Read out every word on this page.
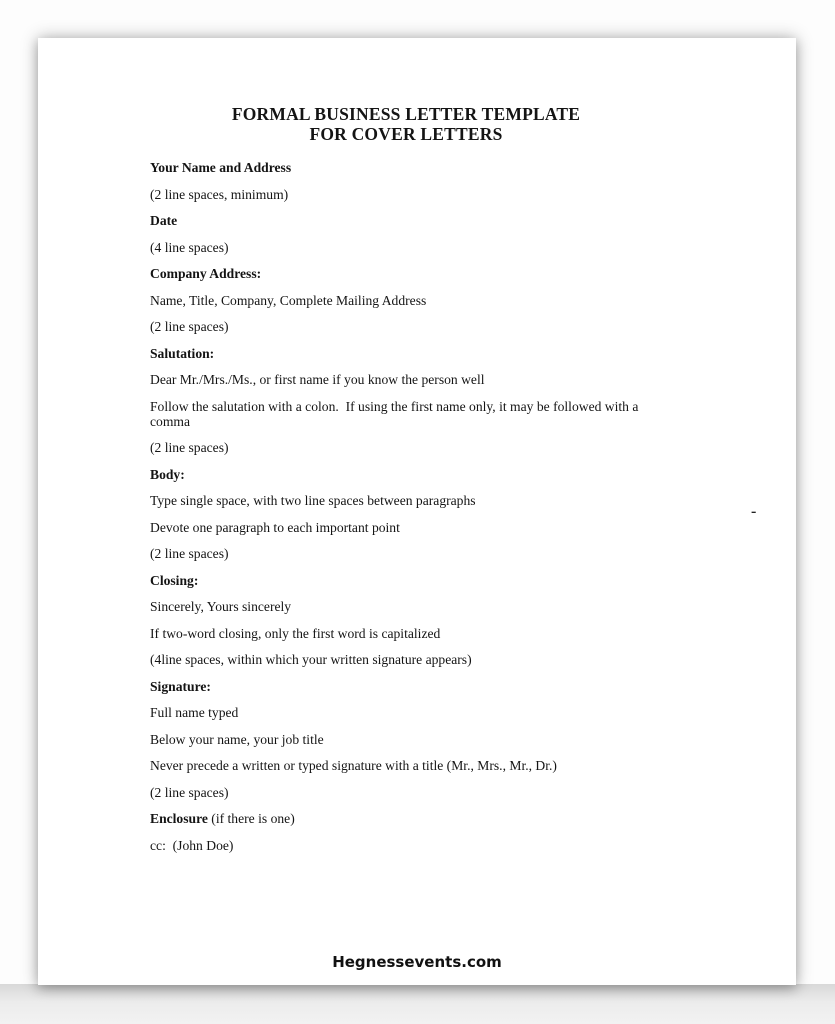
FORMAL BUSINESS LETTER TEMPLATE
FOR COVER LETTERS

Your Name and Address

(2 line spaces, minimum)

Date

(4 line spaces)

Company Address:

Name, Title, Company, Complete Mailing Address

(2 line spaces)

Salutation:

Dear Mr./Mrs./Ms., or first name if you know the person well

Follow the salutation with a colon.  If using the first name only, it may be followed with a comma

(2 line spaces)

Body:

Type single space, with two line spaces between paragraphs

Devote one paragraph to each important point

(2 line spaces)

Closing:

Sincerely, Yours sincerely

If two-word closing, only the first word is capitalized

(4line spaces, within which your written signature appears)

Signature:

Full name typed

Below your name, your job title

Never precede a written or typed signature with a title (Mr., Mrs., Mr., Dr.)

(2 line spaces)

Enclosure (if there is one)

cc:  (John Doe)

-
Hegnessevents.com
